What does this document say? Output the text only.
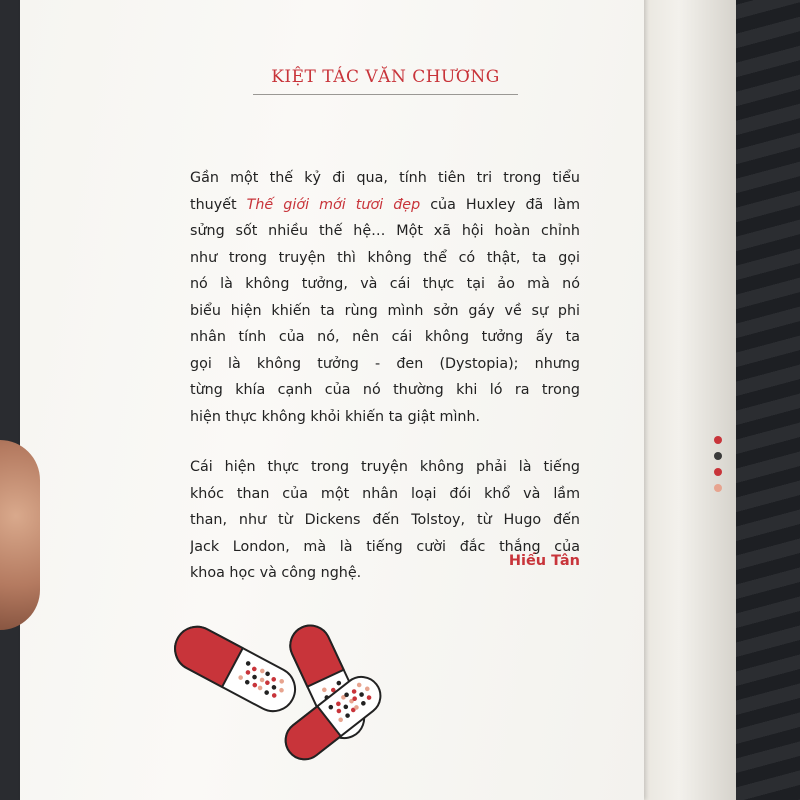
KIỆT TÁC VĂN CHƯƠNG
Gần một thế kỷ đi qua, tính tiên tri trong tiểu
thuyết Thế giới mới tươi đẹp của Huxley đã làm
sửng sốt nhiều thế hệ… Một xã hội hoàn chỉnh
như trong truyện thì không thể có thật, ta gọi
nó là không tưởng, và cái thực tại ảo mà nó
biểu hiện khiến ta rùng mình sởn gáy về sự phi
nhân tính của nó, nên cái không tưởng ấy ta
gọi là không tưởng - đen (Dystopia); nhưng
từng khía cạnh của nó thường khi ló ra trong
hiện thực không khỏi khiến ta giật mình.
Cái hiện thực trong truyện không phải là tiếng
khóc than của một nhân loại đói khổ và lầm
than, như từ Dickens đến Tolstoy, từ Hugo đến
Jack London, mà là tiếng cười đắc thắng của
khoa học và công nghệ.
Hiếu Tân
